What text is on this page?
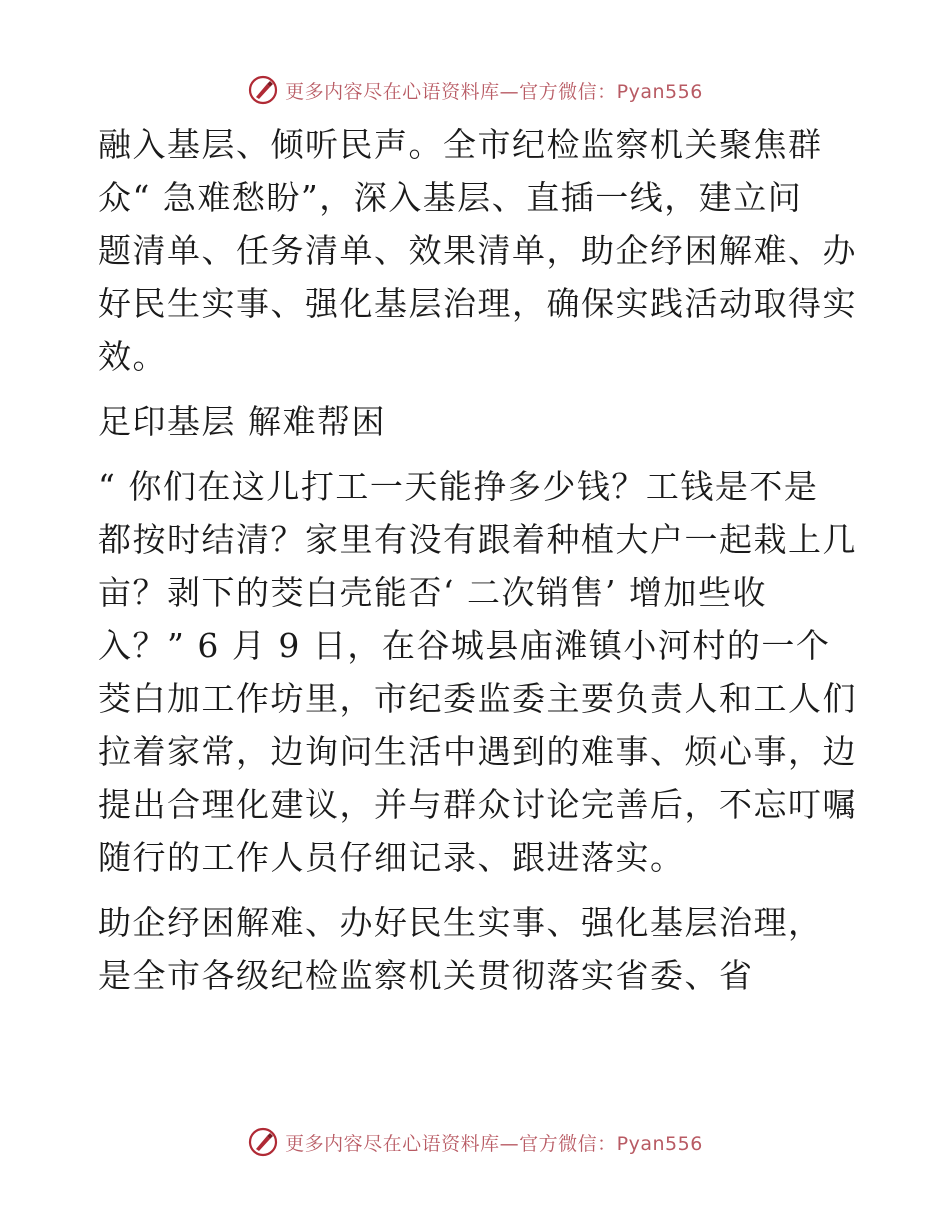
更多内容尽在心语资料库—官方微信：Pyan556

融入基层、倾听民声。全市纪检监察机关聚焦群
众“ 急难愁盼”，深入基层、直插一线，建立问
题清单、任务清单、效果清单，助企纾困解难、办
好民生实事、强化基层治理，确保实践活动取得实
效。

足印基层 解难帮困

“ 你们在这儿打工一天能挣多少钱？工钱是不是
都按时结清？家里有没有跟着种植大户一起栽上几
亩？剥下的茭白壳能否‘ 二次销售’ 增加些收
入？” 6 月 9 日，在谷城县庙滩镇小河村的一个
茭白加工作坊里，市纪委监委主要负责人和工人们
拉着家常，边询问生活中遇到的难事、烦心事，边
提出合理化建议，并与群众讨论完善后，不忘叮嘱
随行的工作人员仔细记录、跟进落实。

助企纾困解难、办好民生实事、强化基层治理，
是全市各级纪检监察机关贯彻落实省委、省

更多内容尽在心语资料库—官方微信：Pyan556
